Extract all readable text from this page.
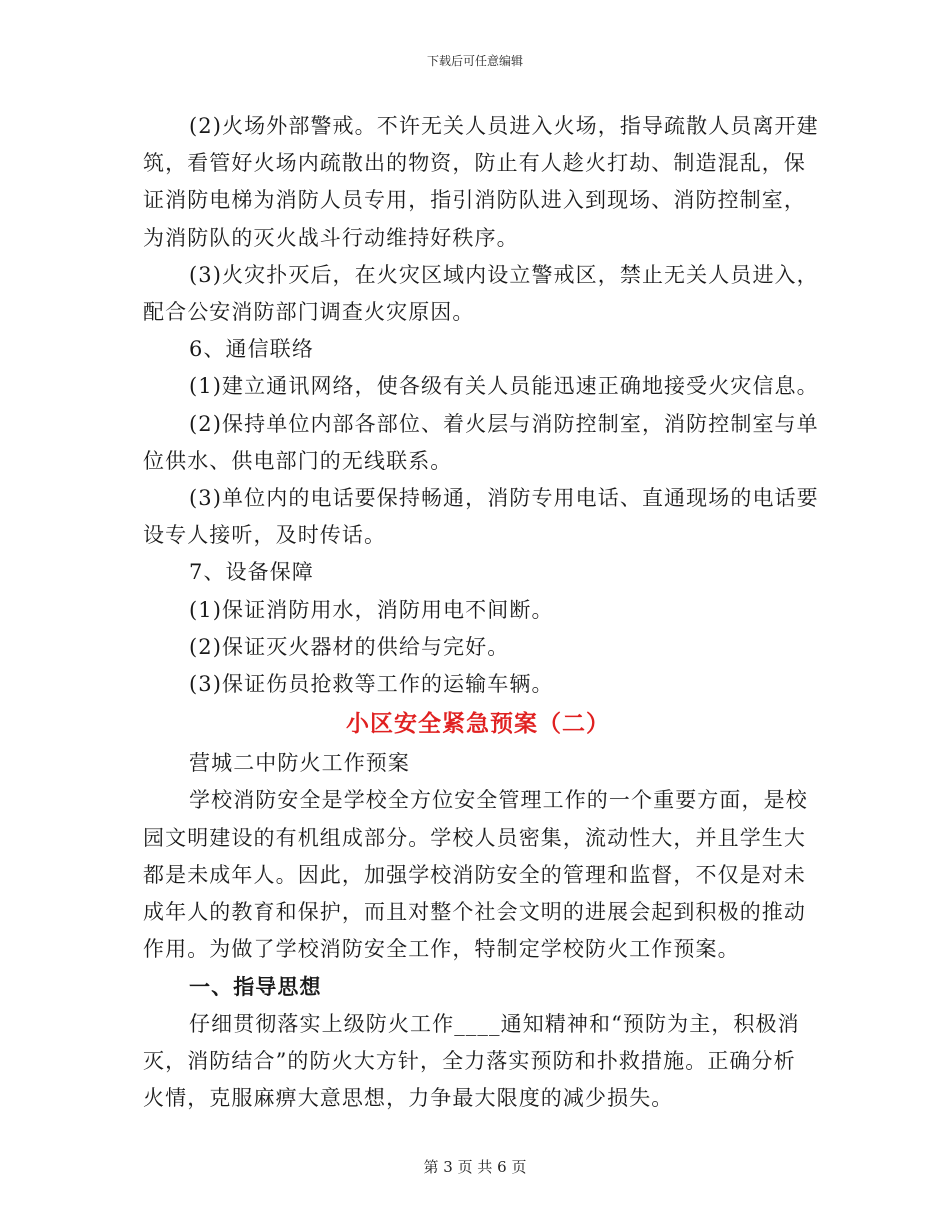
下载后可任意编辑

(2)火场外部警戒。不许无关人员进入火场，指导疏散人员离开建

筑，看管好火场内疏散出的物资，防止有人趁火打劫、制造混乱，保

证消防电梯为消防人员专用，指引消防队进入到现场、消防控制室，

为消防队的灭火战斗行动维持好秩序。

(3)火灾扑灭后，在火灾区域内设立警戒区，禁止无关人员进入，

配合公安消防部门调查火灾原因。

6、通信联络

(1)建立通讯网络，使各级有关人员能迅速正确地接受火灾信息。

(2)保持单位内部各部位、着火层与消防控制室，消防控制室与单

位供水、供电部门的无线联系。

(3)单位内的电话要保持畅通，消防专用电话、直通现场的电话要

设专人接听，及时传话。

7、设备保障

(1)保证消防用水，消防用电不间断。

(2)保证灭火器材的供给与完好。

(3)保证伤员抢救等工作的运输车辆。

小区安全紧急预案（二）

营城二中防火工作预案

学校消防安全是学校全方位安全管理工作的一个重要方面，是校

园文明建设的有机组成部分。学校人员密集，流动性大，并且学生大

都是未成年人。因此，加强学校消防安全的管理和监督，不仅是对未

成年人的教育和保护，而且对整个社会文明的进展会起到积极的推动

作用。为做了学校消防安全工作，特制定学校防火工作预案。

一、指导思想

仔细贯彻落实上级防火工作____通知精神和“预防为主，积极消

灭，消防结合”的防火大方针，全力落实预防和扑救措施。正确分析

火情，克服麻痹大意思想，力争最大限度的减少损失。

第 3 页 共 6 页
